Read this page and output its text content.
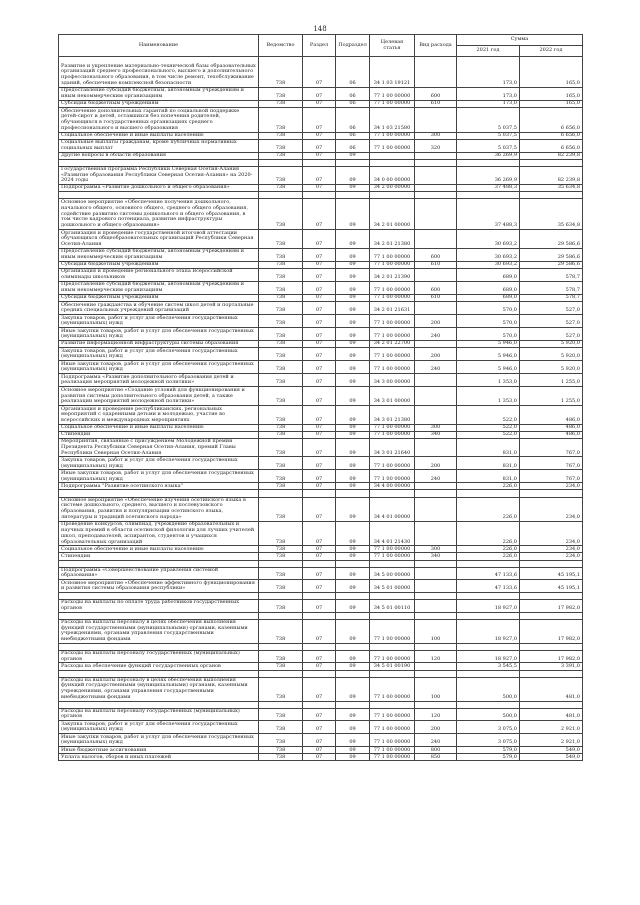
148
Наименование	Ведомство	Раздел	Подраздел	Целевая статья	Вид расхода	Сумма	
						2021 год	2022 год
Развитие и укрепление материально-технической базы образовательных организаций среднего профессионального, высшего и дополнительного профессионального образования, в том числе ремонт, техобслуживание зданий, обеспечение комплексной безопасности	738	07	06	34 1 03 19121		173,0	165,0
Предоставление субсидий бюджетным, автономным учреждениям и иным некоммерческим организациям	738	07	06	77 1 00 00000	600	173,0	165,0
Субсидии бюджетным учреждениям	738	07	06	77 1 00 00000	610	173,0	165,0
Обеспечение дополнительных гарантий по социальной поддержке детей-сирот и детей, оставшихся без попечения родителей, обучающихся в государственных организациях среднего профессионального и высшего образования	738	07	06	34 1 03 21580		5 037,5	6 656,0
Социальное обеспечение и иные выплаты населению	738	07	06	77 1 00 00000	300	5 037,5	6 656,0
Социальные выплаты гражданам, кроме публичных нормативных социальных выплат	738	07	06	77 1 00 00000	320	5 037,5	6 656,0
Другие вопросы в области образования	738	07	09			36 269,9	82 239,8

Государственная программа Республики Северная Осетия-Алания «Развитие образования Республики Северная Осетия-Алания» на 2020-2024 годы	738	07	09	34 0 00 00000		36 269,9	82 239,8
Подпрограмма «Развитие дошкольного и общего образования»	738	07	09	34 2 00 00000		37 488,3	35 634,8

Основное мероприятие «Обеспечение получения дошкольного, начального общего, основного общего, среднего общего образования, содействие развитию системы дошкольного и общего образования, в том числе кадрового потенциала, развитие инфраструктуры дошкольного и общего образования»	738	07	09	34 2 01 00000		37 488,3	35 634,8
Организация и проведение государственной итоговой аттестации обучающихся общеобразовательных организаций Республики Северная Осетия-Алания	738	07	09	34 2 01 21380		30 693,2	29 586,6
Предоставление субсидий бюджетным, автономным учреждениям и иным некоммерческим организациям	738	07	09	77 1 00 00000	600	30 693,2	29 586,6
Субсидии бюджетным учреждениям	738	07	09	77 1 00 00000	610	30 693,2	29 586,6
Организация и проведение регионального этапа Всероссийской олимпиады школьников	738	07	09	34 2 01 21390		689,0	578,7
Предоставление субсидий бюджетным, автономным учреждениям и иным некоммерческим организациям	738	07	09	77 1 00 00000	600	689,0	578,7
Субсидии бюджетным учреждениям	738	07	09	77 1 00 00000	610	689,0	578,7
Обеспечение гражданства и обучение систем школ детей и портальные средних специальных учреждений организаций	738	07	09	34 2 01 21631		570,0	527,0
Закупка товаров, работ и услуг для обеспечения государственных (муниципальных) нужд	738	07	09	77 1 00 00000	200	570,0	527,0
Иные закупки товаров, работ и услуг для обеспечения государственных (муниципальных) нужд	738	07	09	77 1 00 00000	240	570,0	527,0
Развитие информационной инфраструктуры системы образования	738	07	09	34 2 01 22700		5 946,0	5 920,0
Закупка товаров, работ и услуг для обеспечения государственных (муниципальных) нужд	738	07	09	77 1 00 00000	200	5 946,0	5 920,0
Иные закупки товаров, работ и услуг для обеспечения государственных (муниципальных) нужд	738	07	09	77 1 00 00000	240	5 946,0	5 920,0
Подпрограмма «Развитие дополнительного образования детей и реализация мероприятий молодежной политики»	738	07	09	34 3 00 00000		1 353,0	1 255,0
Основное мероприятие «Создание условий для функционирования и развития системы дополнительного образования детей, а также реализации мероприятий молодежной политики»	738	07	09	34 3 01 00000		1 353,0	1 255,0
Организация и проведение республиканских, региональных мероприятий с одаренными детьми и молодежью, участие во всероссийских и международных мероприятиях	738	07	09	34 3 01 21380		522,0	486,0
Социальное обеспечение и иные выплаты населению	738	07	09	77 1 00 00000	300	522,0	486,0
Стипендии	738	07	09	77 1 00 00000	340	522,0	486,0
Мероприятия, связанные с присуждением Молодежной премии Президента Республики Северная Осетия-Алания, премий Главы Республики Северная Осетия-Алания	738	07	09	34 3 01 21640		831,0	767,0
Закупка товаров, работ и услуг для обеспечения государственных (муниципальных) нужд	738	07	09	77 1 00 00000	200	831,0	767,0
Иные закупки товаров, работ и услуг для обеспечения государственных (муниципальных) нужд	738	07	09	77 1 00 00000	240	831,0	767,0
Подпрограмма "Развитие осетинского языка"	738	07	09	34 4 00 00000		226,0	234,0

Основное мероприятие «Обеспечение изучения осетинского языка в системе дошкольного, среднего, высшего и послевузовского образования, развития и популяризации осетинского языка, литературы и традиций осетинского народа»	738	07	09	34 4 01 00000		226,0	234,0
Проведение конкурсов, олимпиад, учреждение образовательных и научных премий в области осетинской филологии для лучших учителей школ, преподавателей, аспирантов, студентов и учащихся образовательных организаций	738	07	09	34 4 01 21430		226,0	234,0
Социальное обеспечение и иные выплаты населению	738	07	09	77 1 00 00000	300	226,0	234,0
Стипендии	738	07	09	77 1 00 00000	340	226,0	234,0

Подпрограмма «Совершенствование управления системой образования»	738	07	09	34 5 00 00000		47 133,6	45 195,1
Основное мероприятие «Обеспечение эффективного функционирования и развития системы образования республики»	738	07	09	34 5 01 00000		47 133,6	45 195,1

Расходы на выплаты по оплате труда работников государственных органов	738	07	09	34 5 01 00110		18 927,0	17 982,0

Расходы на выплаты персоналу в целях обеспечения выполнения функций государственными (муниципальными) органами, казенными учреждениями, органами управления государственными внебюджетными фондами	738	07	09	77 1 00 00000	100	18 927,0	17 982,0

Расходы на выплаты персоналу государственных (муниципальных) органов	738	07	09	77 1 00 00000	120	18 927,0	17 982,0
Расходы на обеспечение функций государственных органов	738	07	09	34 5 01 00190		3 545,5	3 391,0

Расходы на выплаты персоналу в целях обеспечения выполнения функций государственными (муниципальными) органами, казенными учреждениями, органами управления государственными внебюджетными фондами	738	07	09	77 1 00 00000	100	500,0	481,0

Расходы на выплаты персоналу государственных (муниципальных) органов	738	07	09	77 1 00 00000	120	500,0	481,0
Закупка товаров, работ и услуг для обеспечения государственных (муниципальных) нужд	738	07	09	77 1 00 00000	200	3 075,0	2 921,0
Иные закупки товаров, работ и услуг для обеспечения государственных (муниципальных) нужд	738	07	09	77 1 00 00000	240	3 075,0	2 921,0
Иные бюджетные ассигнования	738	07	09	77 1 00 00000	800	579,0	549,0
Уплата налогов, сборов и иных платежей	738	07	09	77 1 00 00000	850	579,0	549,0
